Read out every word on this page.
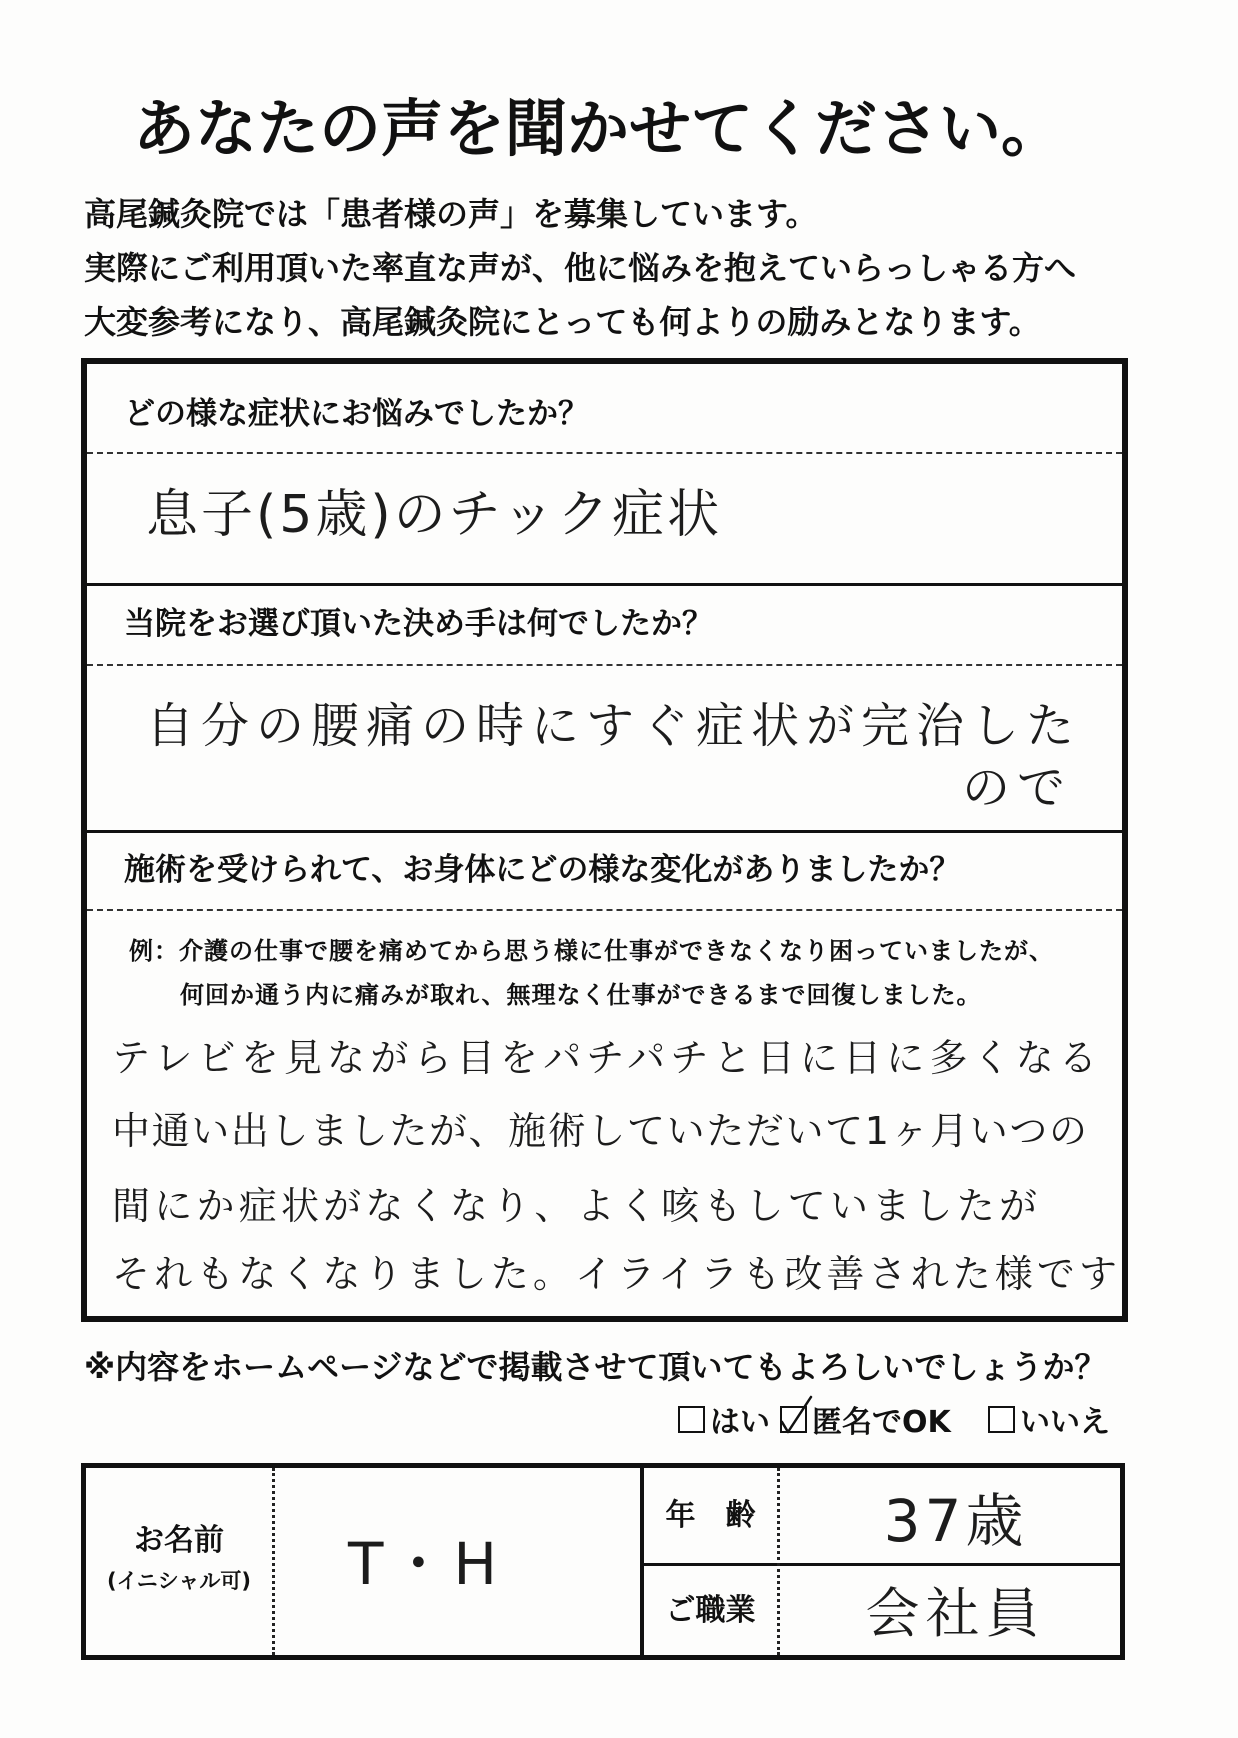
あなたの声を聞かせてください。
高尾鍼灸院では「患者様の声」を募集しています。
実際にご利用頂いた率直な声が、他に悩みを抱えていらっしゃる方へ
大変参考になり、高尾鍼灸院にとっても何よりの励みとなります。
どの様な症状にお悩みでしたか？
息子(5歳)のチック症状
当院をお選び頂いた決め手は何でしたか？
自分の腰痛の時にすぐ症状が完治した
ので
施術を受けられて、お身体にどの様な変化がありましたか？
例：介護の仕事で腰を痛めてから思う様に仕事ができなくなり困っていましたが、
何回か通う内に痛みが取れ、無理なく仕事ができるまで回復しました。
テレビを見ながら目をパチパチと日に日に多くなる
中通い出しましたが、施術していただいて1ヶ月いつの
間にか症状がなくなり、よく咳もしていましたが
それもなくなりました。イライラも改善された様です
※内容をホームページなどで掲載させて頂いてもよろしいでしょうか？
はい 匿名でOK いいえ
お名前
(イニシャル可)	T・H
年　齢	37歳
ご職業	会社員
